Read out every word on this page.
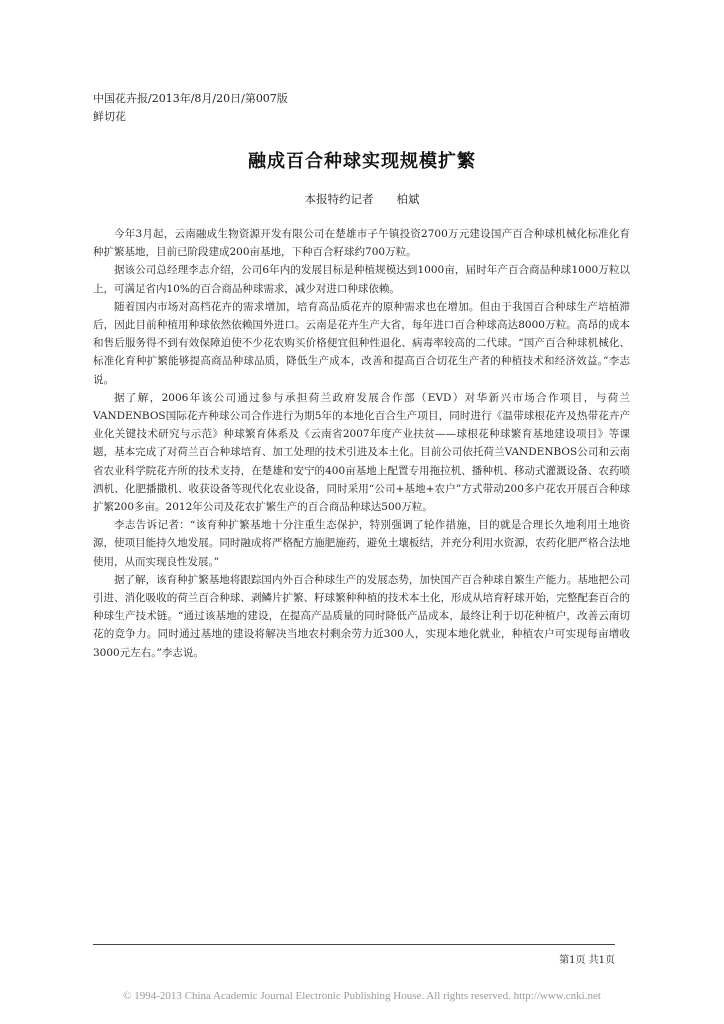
中国花卉报/2013年/8月/20日/第007版
鲜切花
融成百合种球实现规模扩繁
本报特约记者　　柏斌

今年3月起，云南融成生物资源开发有限公司在楚雄市子午镇投资2700万元建设国产百合种球机械化标准化育种扩繁基地，目前已阶段建成200亩基地，下种百合籽球约700万粒。

据该公司总经理李志介绍，公司6年内的发展目标是种植规模达到1000亩，届时年产百合商品种球1000万粒以上，可满足省内10%的百合商品种球需求，减少对进口种球依赖。

随着国内市场对高档花卉的需求增加，培育高品质花卉的原种需求也在增加。但由于我国百合种球生产培植滞后，因此目前种植用种球依然依赖国外进口。云南是花卉生产大省，每年进口百合种球高达8000万粒。高昂的成本和售后服务得不到有效保障迫使不少花农购买价格便宜但种性退化、病毒率较高的二代球。“国产百合种球机械化、标准化育种扩繁能够提高商品种球品质，降低生产成本，改善和提高百合切花生产者的种植技术和经济效益。”李志说。

据了解，2006年该公司通过参与承担荷兰政府发展合作部（EVD）对华新兴市场合作项目，与荷兰VANDENBOS国际花卉种球公司合作进行为期5年的本地化百合生产项目，同时进行《温带球根花卉及热带花卉产业化关键技术研究与示范》种球繁育体系及《云南省2007年度产业扶贫——球根花种球繁育基地建设项目》等课题，基本完成了对荷兰百合种球培育、加工处理的技术引进及本土化。目前公司依托荷兰VANDENBOS公司和云南省农业科学院花卉所的技术支持，在楚雄和安宁的400亩基地上配置专用拖拉机、播种机、移动式灌溉设备、农药喷洒机、化肥播撒机、收获设备等现代化农业设备，同时采用“公司+基地+农户”方式带动200多户花农开展百合种球扩繁200多亩。2012年公司及花农扩繁生产的百合商品种球达500万粒。

李志告诉记者：“该育种扩繁基地十分注重生态保护，特别强调了轮作措施，目的就是合理长久地利用土地资源，使项目能持久地发展。同时融成将严格配方施肥施药，避免土壤板结，并充分利用水资源，农药化肥严格合法地使用，从而实现良性发展。”

据了解，该育种扩繁基地将跟踪国内外百合种球生产的发展态势，加快国产百合种球自繁生产能力。基地把公司引进、消化吸收的荷兰百合种球、剥鳞片扩繁、籽球繁种种植的技术本土化，形成从培育籽球开始，完整配套百合的种球生产技术链。“通过该基地的建设，在提高产品质量的同时降低产品成本，最终让利于切花种植户，改善云南切花的竞争力。同时通过基地的建设将解决当地农村剩余劳力近300人，实现本地化就业，种植农户可实现每亩增收3000元左右。”李志说。

第1页 共1页
© 1994-2013 China Academic Journal Electronic Publishing House. All rights reserved. http://www.cnki.net
